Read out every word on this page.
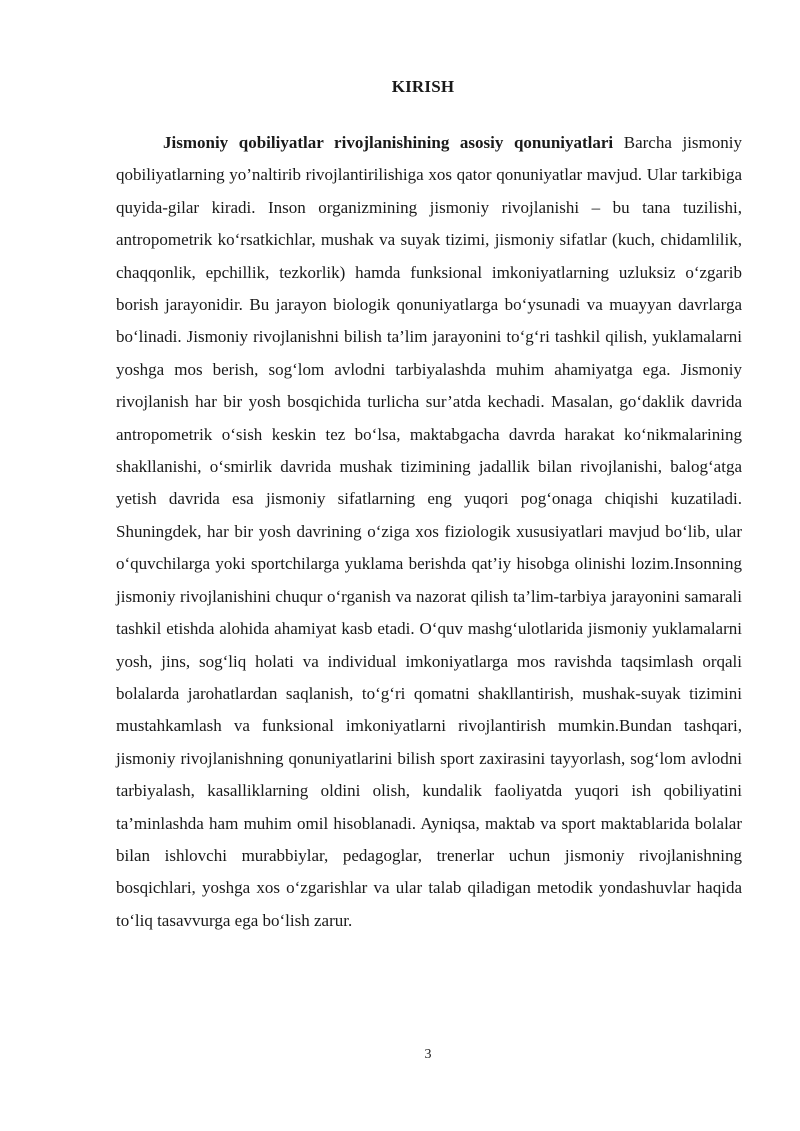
KIRISH

Jismoniy qobiliyatlar rivojlanishining asosiy qonuniyatlari Barcha jismoniy qobiliyatlarning yo’naltirib rivojlantirilishiga xos qator qonuniyatlar mavjud. Ular tarkibiga quyida-gilar kiradi. Inson organizmining jismoniy rivojlanishi – bu tana tuzilishi, antropometrik ko‘rsatkichlar, mushak va suyak tizimi, jismoniy sifatlar (kuch, chidamlilik, chaqqonlik, epchillik, tezkorlik) hamda funksional imkoniyatlarning uzluksiz o‘zgarib borish jarayonidir. Bu jarayon biologik qonuniyatlarga bo‘ysunadi va muayyan davrlarga bo‘linadi. Jismoniy rivojlanishni bilish ta’lim jarayonini to‘g‘ri tashkil qilish, yuklamalarni yoshga mos berish, sog‘lom avlodni tarbiyalashda muhim ahamiyatga ega. Jismoniy rivojlanish har bir yosh bosqichida turlicha sur’atda kechadi. Masalan, go‘daklik davrida antropometrik o‘sish keskin tez bo‘lsa, maktabgacha davrda harakat ko‘nikmalarining shakllanishi, o‘smirlik davrida mushak tizimining jadallik bilan rivojlanishi, balog‘atga yetish davrida esa jismoniy sifatlarning eng yuqori pog‘onaga chiqishi kuzatiladi. Shuningdek, har bir yosh davrining o‘ziga xos fiziologik xususiyatlari mavjud bo‘lib, ular o‘quvchilarga yoki sportchilarga yuklama berishda qat’iy hisobga olinishi lozim.Insonning jismoniy rivojlanishini chuqur o‘rganish va nazorat qilish ta’lim-tarbiya jarayonini samarali tashkil etishda alohida ahamiyat kasb etadi. O‘quv mashg‘ulotlarida jismoniy yuklamalarni yosh, jins, sog‘liq holati va individual imkoniyatlarga mos ravishda taqsimlash orqali bolalarda jarohatlardan saqlanish, to‘g‘ri qomatni shakllantirish, mushak-suyak tizimini mustahkamlash va funksional imkoniyatlarni rivojlantirish mumkin.Bundan tashqari, jismoniy rivojlanishning qonuniyatlarini bilish sport zaxirasini tayyorlash, sog‘lom avlodni tarbiyalash, kasalliklarning oldini olish, kundalik faoliyatda yuqori ish qobiliyatini ta’minlashda ham muhim omil hisoblanadi. Ayniqsa, maktab va sport maktablarida bolalar bilan ishlovchi murabbiylar, pedagoglar, trenerlar uchun jismoniy rivojlanishning bosqichlari, yoshga xos o‘zgarishlar va ular talab qiladigan metodik yondashuvlar haqida to‘liq tasavvurga ega bo‘lish zarur.

3
